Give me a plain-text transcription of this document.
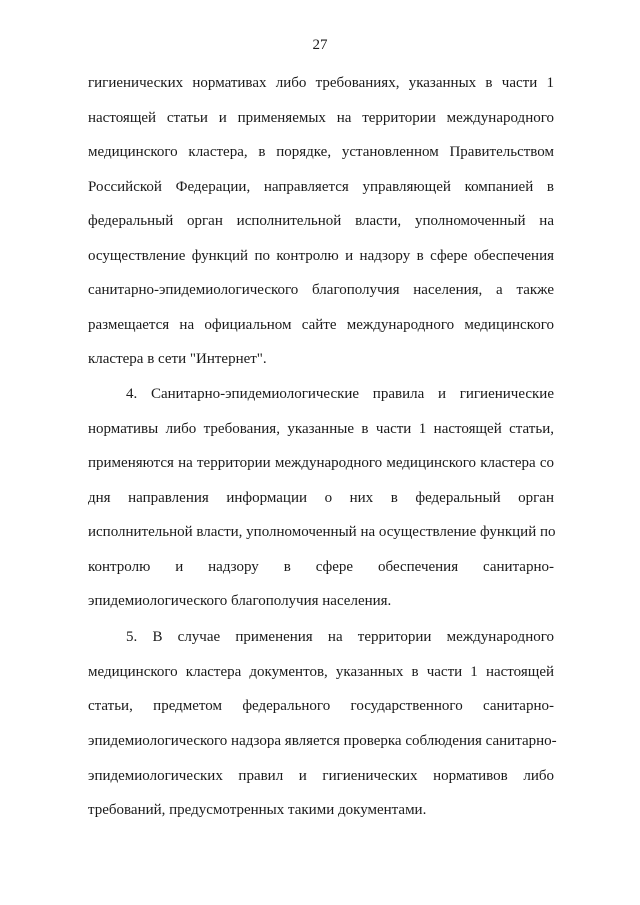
27
гигиенических нормативах либо требованиях, указанных в части 1
настоящей статьи и применяемых на территории международного
медицинского кластера, в порядке, установленном Правительством
Российской Федерации, направляется управляющей компанией в
федеральный орган исполнительной власти, уполномоченный на
осуществление функций по контролю и надзору в сфере обеспечения
санитарно-эпидемиологического благополучия населения, а также
размещается на официальном сайте международного медицинского
кластера в сети "Интернет".
4. Санитарно-эпидемиологические правила и гигиенические
нормативы либо требования, указанные в части 1 настоящей статьи,
применяются на территории международного медицинского кластера со
дня направления информации о них в федеральный орган
исполнительной власти, уполномоченный на осуществление функций по
контролю и надзору в сфере обеспечения санитарно-
эпидемиологического благополучия населения.
5. В случае применения на территории международного
медицинского кластера документов, указанных в части 1 настоящей
статьи, предметом федерального государственного санитарно-
эпидемиологического надзора является проверка соблюдения санитарно-
эпидемиологических правил и гигиенических нормативов либо
требований, предусмотренных такими документами.
